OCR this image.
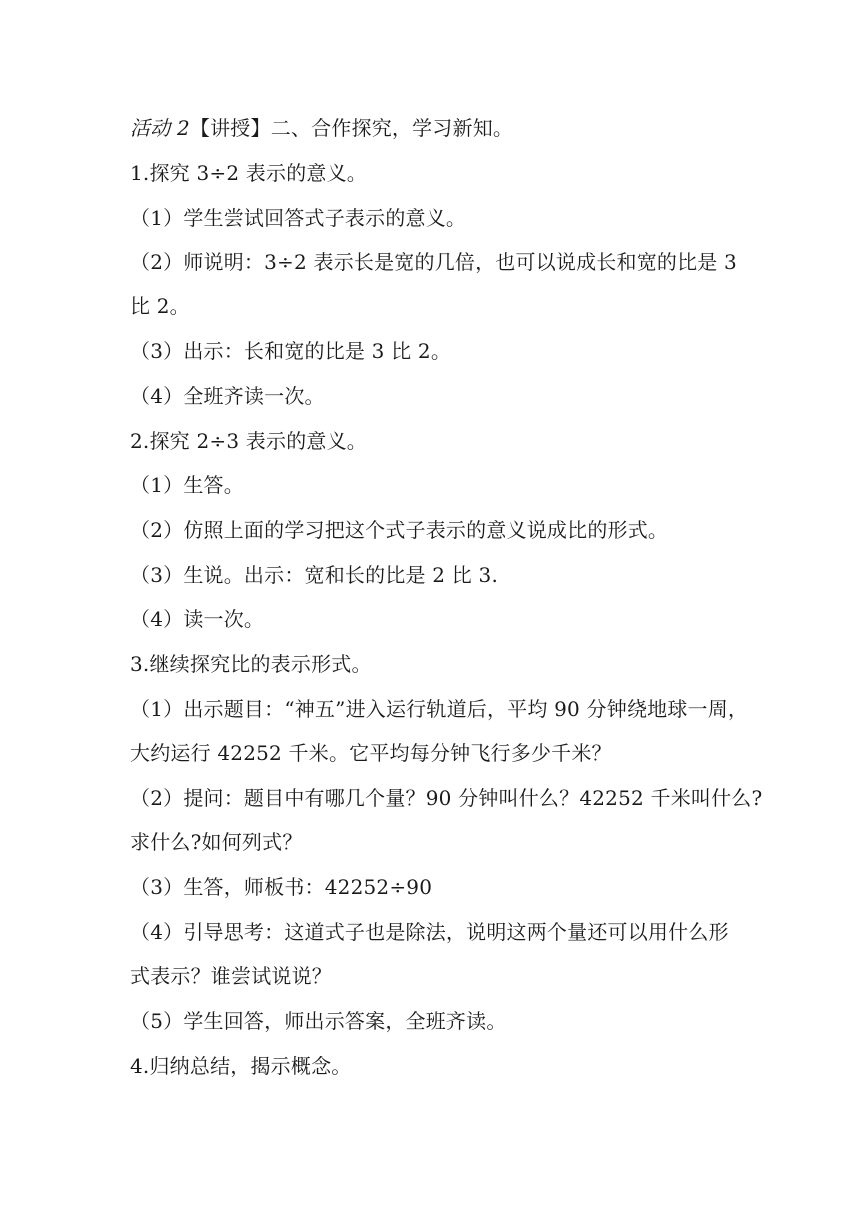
活动 2【讲授】二、合作探究，学习新知。
1.探究 3÷2 表示的意义。
（1）学生尝试回答式子表示的意义。
（2）师说明：3÷2 表示长是宽的几倍，也可以说成长和宽的比是 3
比 2。
（3）出示：长和宽的比是 3 比 2。
（4）全班齐读一次。
2.探究 2÷3 表示的意义。
（1）生答。
（2）仿照上面的学习把这个式子表示的意义说成比的形式。
（3）生说。出示：宽和长的比是 2 比 3.
（4）读一次。
3.继续探究比的表示形式。
（1）出示题目：“神五”进入运行轨道后，平均 90 分钟绕地球一周，
大约运行 42252 千米。它平均每分钟飞行多少千米？
（2）提问：题目中有哪几个量？90 分钟叫什么？42252 千米叫什么?
求什么?如何列式？
（3）生答，师板书：42252÷90
（4）引导思考：这道式子也是除法，说明这两个量还可以用什么形
式表示？谁尝试说说？
（5）学生回答，师出示答案，全班齐读。
4.归纳总结，揭示概念。
